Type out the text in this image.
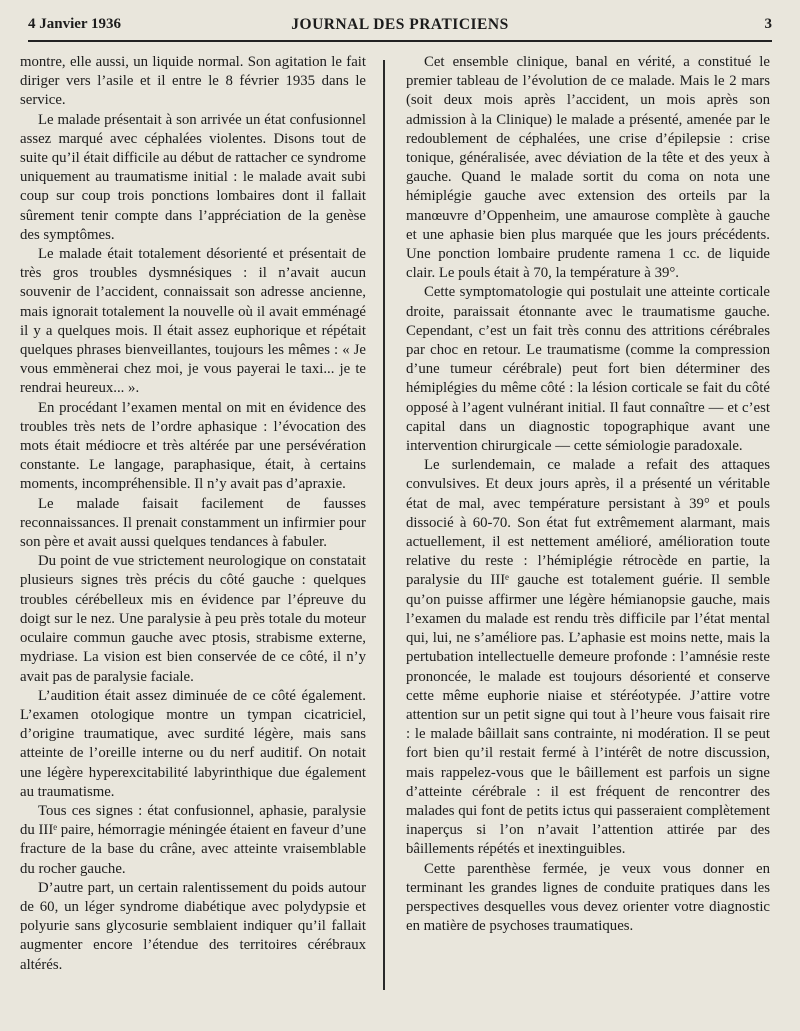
4 Janvier 1936	JOURNAL DES PRATICIENS	3

montre, elle aussi, un liquide normal. Son agitation le fait diriger vers l’asile et il entre le 8 février 1935 dans le service.

Le malade présentait à son arrivée un état confusionnel assez marqué avec céphalées violentes. Disons tout de suite qu’il était difficile au début de rattacher ce syndrome uniquement au traumatisme initial : le malade avait subi coup sur coup trois ponctions lombaires dont il fallait sûrement tenir compte dans l’appréciation de la genèse des symptômes.

Le malade était totalement désorienté et présentait de très gros troubles dysmnésiques : il n’avait aucun souvenir de l’accident, connaissait son adresse ancienne, mais ignorait totalement la nouvelle où il avait emménagé il y a quelques mois. Il était assez euphorique et répétait quelques phrases bienveillantes, toujours les mêmes : « Je vous emmènerai chez moi, je vous payerai le taxi... je te rendrai heureux... ».

En procédant l’examen mental on mit en évidence des troubles très nets de l’ordre aphasique : l’évocation des mots était médiocre et très altérée par une persévération constante. Le langage, paraphasique, était, à certains moments, incompréhensible. Il n’y avait pas d’apraxie.

Le malade faisait facilement de fausses reconnaissances. Il prenait constamment un infirmier pour son père et avait aussi quelques tendances à fabuler.

Du point de vue strictement neurologique on constatait plusieurs signes très précis du côté gauche : quelques troubles cérébelleux mis en évidence par l’épreuve du doigt sur le nez. Une paralysie à peu près totale du moteur oculaire commun gauche avec ptosis, strabisme externe, mydriase. La vision est bien conservée de ce côté, il n’y avait pas de paralysie faciale.

L’audition était assez diminuée de ce côté également. L’examen otologique montre un tympan cicatriciel, d’origine traumatique, avec surdité légère, mais sans atteinte de l’oreille interne ou du nerf auditif. On notait une légère hyperexcitabilité labyrinthique due également au traumatisme.

Tous ces signes : état confusionnel, aphasie, paralysie du IIIᵉ paire, hémorragie méningée étaient en faveur d’une fracture de la base du crâne, avec atteinte vraisemblable du rocher gauche.

D’autre part, un certain ralentissement du poids autour de 60, un léger syndrome diabétique avec polydypsie et polyurie sans glycosurie semblaient indiquer qu’il fallait augmenter encore l’étendue des territoires cérébraux altérés.

Cet ensemble clinique, banal en vérité, a constitué le premier tableau de l’évolution de ce malade. Mais le 2 mars (soit deux mois après l’accident, un mois après son admission à la Clinique) le malade a présenté, amenée par le redoublement de céphalées, une crise d’épilepsie : crise tonique, généralisée, avec déviation de la tête et des yeux à gauche. Quand le malade sortit du coma on nota une hémiplégie gauche avec extension des orteils par la manœuvre d’Oppenheim, une amaurose complète à gauche et une aphasie bien plus marquée que les jours précédents. Une ponction lombaire prudente ramena 1 cc. de liquide clair. Le pouls était à 70, la température à 39°.

Cette symptomatologie qui postulait une atteinte corticale droite, paraissait étonnante avec le traumatisme gauche. Cependant, c’est un fait très connu des attritions cérébrales par choc en retour. Le traumatisme (comme la compression d’une tumeur cérébrale) peut fort bien déterminer des hémiplégies du même côté : la lésion corticale se fait du côté opposé à l’agent vulnérant initial. Il faut connaître — et c’est capital dans un diagnostic topographique avant une intervention chirurgicale — cette sémiologie paradoxale.

Le surlendemain, ce malade a refait des attaques convulsives. Et deux jours après, il a présenté un véritable état de mal, avec température persistant à 39° et pouls dissocié à 60-70. Son état fut extrêmement alarmant, mais actuellement, il est nettement amélioré, amélioration toute relative du reste : l’hémiplégie rétrocède en partie, la paralysie du IIIᵉ gauche est totalement guérie. Il semble qu’on puisse affirmer une légère hémianopsie gauche, mais l’examen du malade est rendu très difficile par l’état mental qui, lui, ne s’améliore pas. L’aphasie est moins nette, mais la pertubation intellectuelle demeure profonde : l’amnésie reste prononcée, le malade est toujours désorienté et conserve cette même euphorie niaise et stéréotypée. J’attire votre attention sur un petit signe qui tout à l’heure vous faisait rire : le malade bâillait sans contrainte, ni modération. Il se peut fort bien qu’il restait fermé à l’intérêt de notre discussion, mais rappelez-vous que le bâillement est parfois un signe d’atteinte cérébrale : il est fréquent de rencontrer des malades qui font de petits ictus qui passeraient complètement inaperçus si l’on n’avait l’attention attirée par des bâillements répétés et inextinguibles.

Cette parenthèse fermée, je veux vous donner en terminant les grandes lignes de conduite pratiques dans les perspectives desquelles vous devez orienter votre diagnostic en matière de psychoses traumatiques.
